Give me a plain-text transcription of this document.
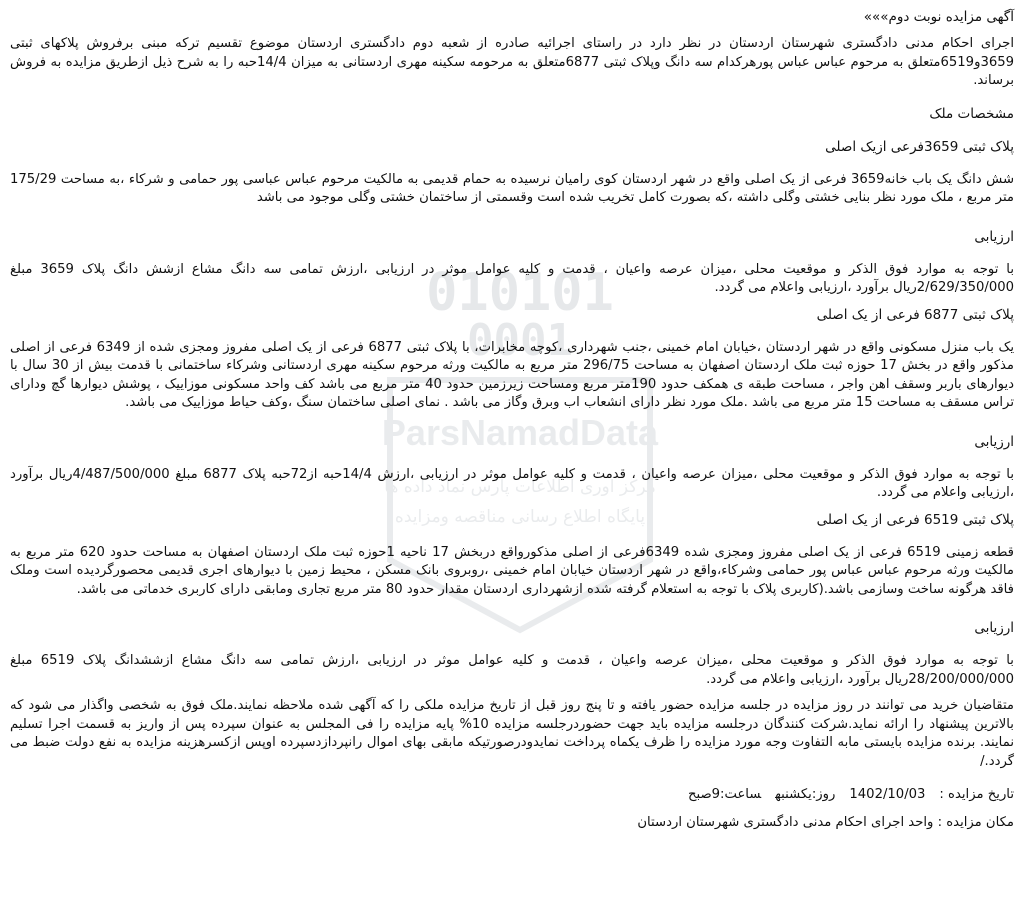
010101
0001
ParsNamadData
مرکز آوری اطلاعات پارس نماد داده ها
پایگاه اطلاع رسانی مناقصه ومزایده

آگهی مزایده نوبت دوم»»»

اجرای احکام مدنی دادگستری شهرستان اردستان در نظر دارد در راستای اجرائیه صادره از شعبه دوم دادگستری اردستان موضوع تقسیم ترکه مبنی برفروش پلاکهای ثبتی 3659و6519متعلق به مرحوم عباس عباس پورهرکدام سه دانگ وپلاک ثبتی 6877متعلق به مرحومه سکینه مهری اردستانی به میزان 14/4حبه را به شرح ذیل ازطریق مزایده به فروش برساند.

مشخصات ملک

پلاک ثبتی 3659فرعی ازیک اصلی

شش دانگ یک باب خانه3659 فرعی از یک اصلی واقع در شهر اردستان کوی رامیان نرسیده به حمام قدیمی به مالکیت مرحوم عباس عباسی پور حمامی و شرکاء ،به مساحت 175/29 متر مربع ، ملک مورد نظر بنایی خشتی وگلی داشته ،که بصورت کامل تخریب شده است وقسمتی از ساختمان خشتی وگلی موجود می باشد

ارزیابی

با توجه به موارد فوق الذکر و موقعیت محلی ،میزان عرصه واعیان ، قدمت و کلیه عوامل موثر در ارزیابی ،ارزش تمامی سه دانگ مشاع ازشش دانگ پلاک 3659 مبلغ 2/629/350/000ریال برآورد ،ارزیابی واعلام می گردد.

پلاک ثبتی 6877 فرعی از یک اصلی

یک باب منزل مسکونی واقع در شهر اردستان ،خیابان امام خمینی ،جنب شهرداری ،کوچه مخابرات، با پلاک ثبتی 6877 فرعی از یک اصلی مفروز ومجزی شده از 6349 فرعی از اصلی مذکور واقع در بخش 17 حوزه ثبت ملک اردستان اصفهان به مساحت 296/75 متر مربع به مالکیت ورثه مرحوم سکینه مهری اردستانی وشرکاء ساختمانی با قدمت بیش از 30 سال با دیوارهای باربر وسقف اهن واجر ، مساحت طبقه ی همکف حدود 190متر مربع ومساحت زیرزمین حدود 40 متر مربع می باشد کف واحد مسکونی موزاییک ، پوشش دیوارها گچ ودارای تراس مسقف به مساحت 15 متر مربع می باشد .ملک مورد نظر دارای انشعاب اب وبرق وگاز می باشد . نمای اصلی ساختمان سنگ ،وکف حیاط موزاییک می باشد.

ارزیابی

با توجه به موارد فوق الذکر و موقعیت محلی ،میزان عرصه واعیان ، قدمت و کلیه عوامل موثر در ارزیابی ،ارزش 14/4حبه از72حبه پلاک 6877 مبلغ 4/487/500/000ریال برآورد ،ارزیابی واعلام می گردد.

پلاک ثبتی 6519 فرعی از یک اصلی

قطعه زمینی 6519 فرعی از یک اصلی مفروز ومجزی شده 6349فرعی از اصلی مذکورواقع دربخش 17 ناحیه 1حوزه ثبت ملک اردستان اصفهان به مساحت حدود 620 متر مربع به مالکیت ورثه مرحوم عباس عباس پور حمامی وشرکاء،واقع در شهر اردستان خیابان امام خمینی ،روبروی بانک مسکن ، محیط زمین با دیوارهای اجری قدیمی محصورگردیده است وملک فاقد هرگونه ساخت وسازمی باشد.(کاربری پلاک با توجه به استعلام گرفته شده ازشهرداری اردستان مقدار حدود 80 متر مربع تجاری ومابقی دارای کاربری خدماتی می باشد.

ارزیابی

با توجه به موارد فوق الذکر و موقعیت محلی ،میزان عرصه واعیان ، قدمت و کلیه عوامل موثر در ارزیابی ،ارزش تمامی سه دانگ مشاع ازششدانگ پلاک 6519 مبلغ 28/200/000/000ریال برآورد ،ارزیابی واعلام می گردد.

متقاضیان خرید می توانند در روز مزایده در جلسه مزایده حضور یافته و تا پنج روز قبل از تاریخ مزایده ملکی را که آگهی شده ملاحظه نمایند.ملک فوق به شخصی واگذار می شود که بالاترین پیشنهاد را ارائه نماید.شرکت کنندگان درجلسه مزایده باید جهت حضوردرجلسه مزایده 10% پایه مزایده را فی المجلس به عنوان سپرده پس از واریز به قسمت اجرا تسلیم نمایند. برنده مزایده بایستی مابه التفاوت وجه مورد مزایده را ظرف یکماه پرداخت نمایدودرصورتیکه مابقی بهای اموال رانپردازدسپرده اوپس ازکسرهزینه مزایده به نفع دولت ضبط می گردد./

تاریخ مزایده :1402/10/03روز:یکشنبهساعت:9صبح

مکان مزایده : واحد اجرای احکام مدنی دادگستری شهرستان اردستان
